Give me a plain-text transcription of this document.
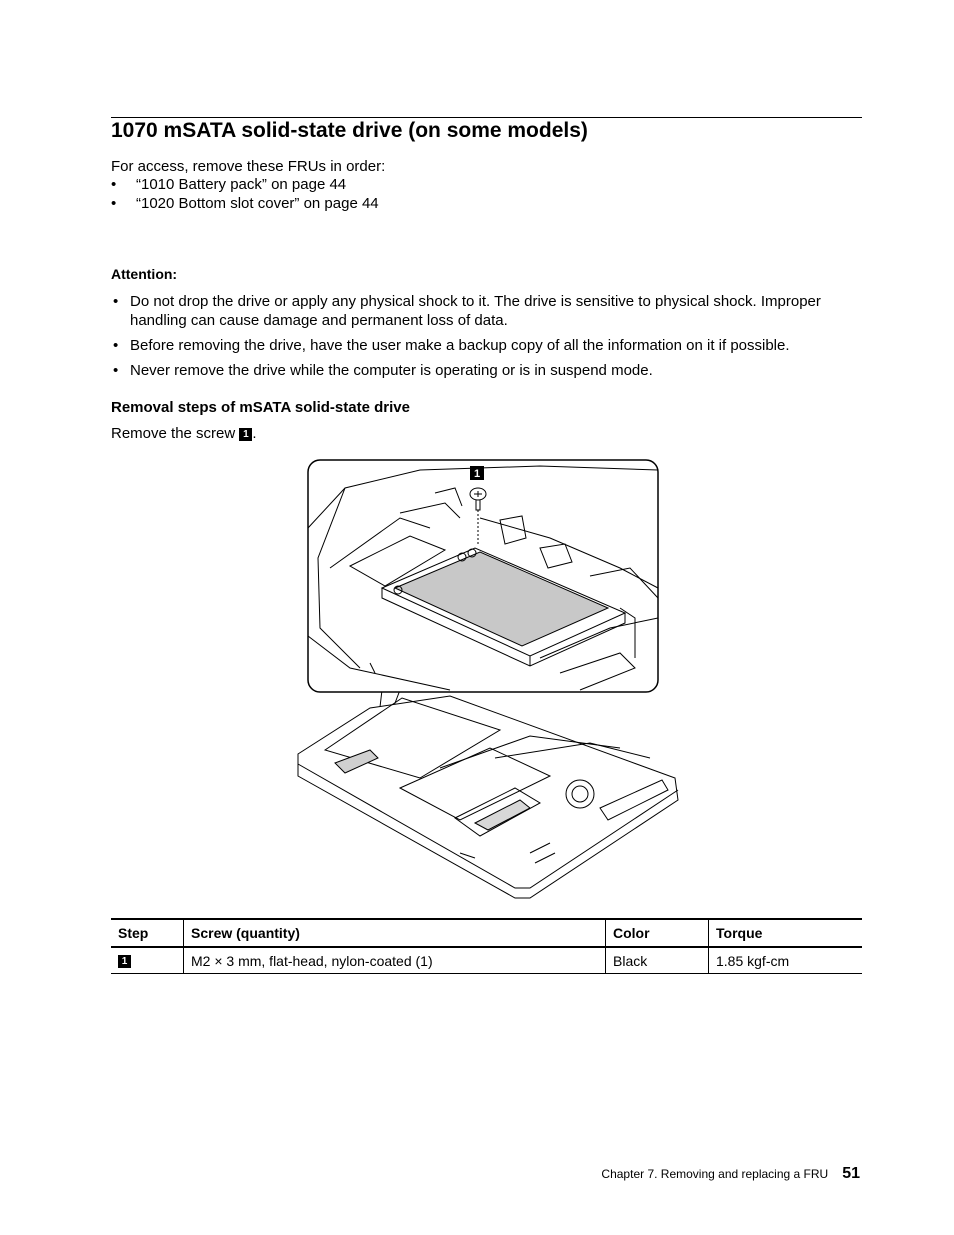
1070 mSATA solid-state drive (on some models)

For access, remove these FRUs in order:

• “1010 Battery pack” on page 44
• “1020 Bottom slot cover” on page 44
Attention:
• Do not drop the drive or apply any physical shock to it. The drive is sensitive to physical shock. Improper handling can cause damage and permanent loss of data.
• Before removing the drive, have the user make a backup copy of all the information on it if possible.
• Never remove the drive while the computer is operating or is in suspend mode.
Removal steps of mSATA solid-state drive

Remove the screw 1 .

1
Step	Screw (quantity)	Color	Torque
1	M2 × 3 mm, flat-head, nylon-coated (1)	Black	1.85 kgf-cm
Chapter 7. Removing and replacing a FRU 51
